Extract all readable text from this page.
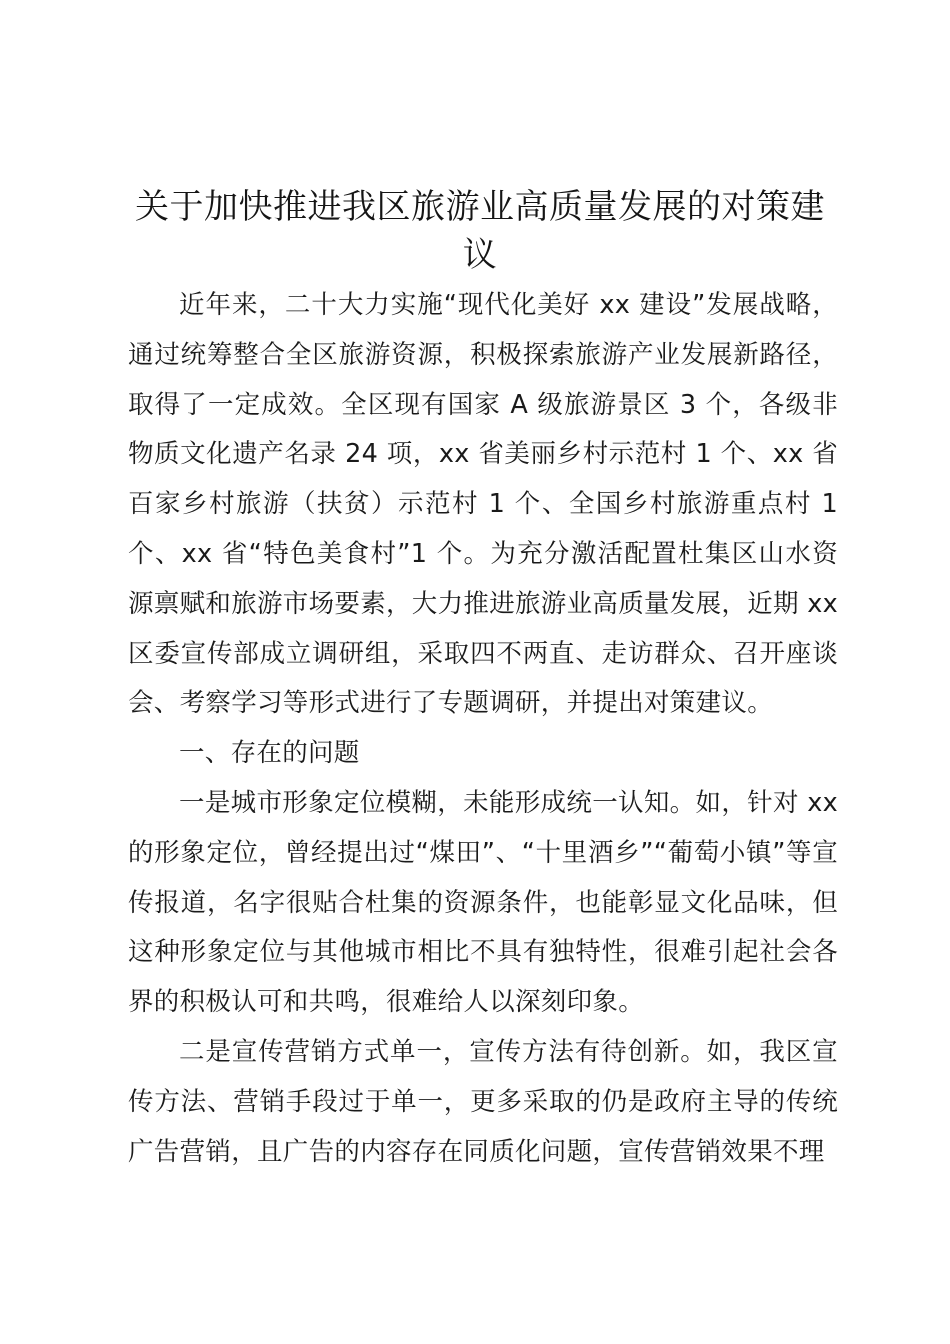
关于加快推进我区旅游业高质量发展的对策建议

近年来，二十大力实施“现代化美好 xx 建设”发展战略，通过统筹整合全区旅游资源，积极探索旅游产业发展新路径，取得了一定成效。全区现有国家 A 级旅游景区 3 个，各级非物质文化遗产名录 24 项，xx 省美丽乡村示范村 1 个、xx 省百家乡村旅游（扶贫）示范村 1 个、全国乡村旅游重点村 1 个、xx 省“特色美食村”1 个。为充分激活配置杜集区山水资源禀赋和旅游市场要素，大力推进旅游业高质量发展，近期 xx 区委宣传部成立调研组，采取四不两直、走访群众、召开座谈会、考察学习等形式进行了专题调研，并提出对策建议。

一、存在的问题

一是城市形象定位模糊，未能形成统一认知。如，针对 xx 的形象定位，曾经提出过“煤田”、“十里酒乡”“葡萄小镇”等宣传报道，名字很贴合杜集的资源条件，也能彰显文化品味，但这种形象定位与其他城市相比不具有独特性，很难引起社会各界的积极认可和共鸣，很难给人以深刻印象。

二是宣传营销方式单一，宣传方法有待创新。如，我区宣传方法、营销手段过于单一，更多采取的仍是政府主导的传统广告营销，且广告的内容存在同质化问题，宣传营销效果不理
